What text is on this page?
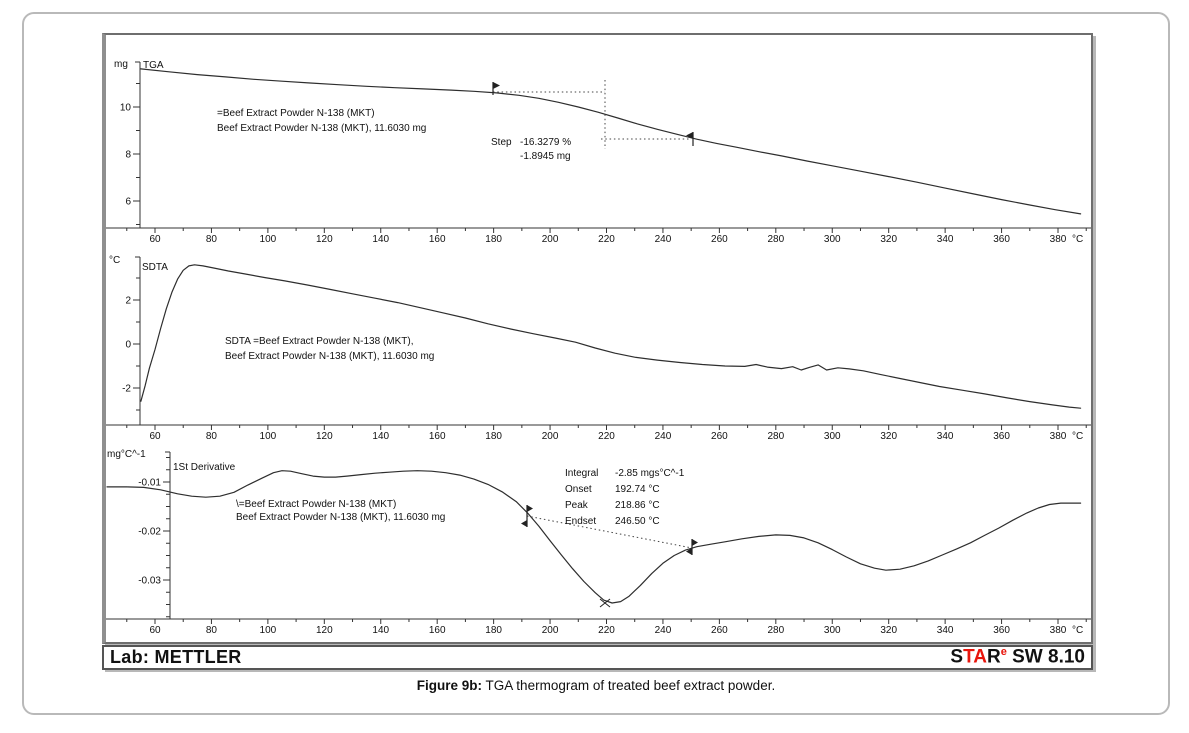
10
8
6
mg TGA
60	80	100	120	140	160	180	200	220	240	260	280	300	320	340	360	380 °C
=Beef Extract Powder N-138 (MKT)
Beef Extract Powder N-138 (MKT), 11.6030 mg
Step -16.3279 %
-1.8945 mg
2
0
-2
°C
SDTA
60	80	100	120	140	160	180	200	220	240	260	280	300	320	340	360	380 °C
SDTA =Beef Extract Powder N-138 (MKT),
Beef Extract Powder N-138 (MKT), 11.6030 mg
-0.01
-0.02
-0.03
mg°C^-1
1St Derivative
60	80	100	120	140	160	180	200	220	240	260	280	300	320	340	360	380 °C
\=Beef Extract Powder N-138 (MKT)
Beef Extract Powder N-138 (MKT), 11.6030 mg
Integral -2.85 mgs°C^-1
Onset 192.74 °C
Peak	218.86 °C
Endset 246.50 °C
Lab: METTLER	STAR$^e$ SW 8.10
Figure 9b: TGA thermogram of treated beef extract powder.
